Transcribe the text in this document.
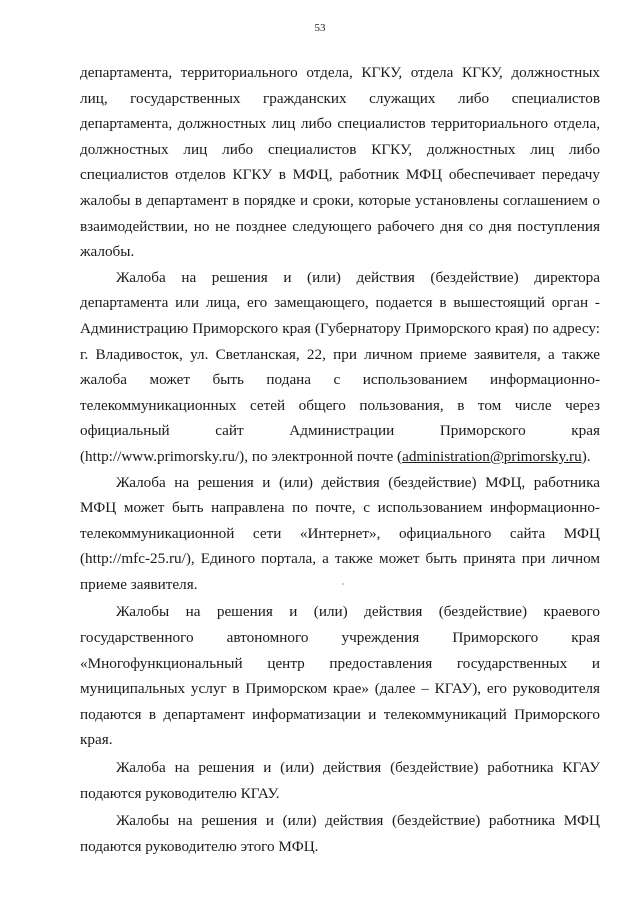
53

департамента, территориального отдела, КГКУ, отдела КГКУ, должностных лиц, государственных гражданских служащих либо специалистов департамента, должностных лиц либо специалистов территориального отдела, должностных лиц либо специалистов КГКУ, должностных лиц либо специалистов отделов КГКУ в МФЦ, работник МФЦ обеспечивает передачу жалобы в департамент в порядке и сроки, которые установлены соглашением о взаимодействии, но не позднее следующего рабочего дня со дня поступления жалобы.

Жалоба на решения и (или) действия (бездействие) директора департамента или лица, его замещающего, подается в вышестоящий орган - Администрацию Приморского края (Губернатору Приморского края) по адресу: г. Владивосток, ул. Светланская, 22, при личном приеме заявителя, а также жалоба может быть подана с использованием информационно-телекоммуникационных сетей общего пользования, в том числе через официальный сайт Администрации Приморского края (http://www.primorsky.ru/), по электронной почте (administration@primorsky.ru).

Жалоба на решения и (или) действия (бездействие) МФЦ, работника МФЦ может быть направлена по почте, с использованием информационно-телекоммуникационной сети «Интернет», официального сайта МФЦ (http://mfc-25.ru/), Единого портала, а также может быть принята при личном приеме заявителя.

Жалобы на решения и (или) действия (бездействие) краевого государственного автономного учреждения Приморского края «Многофункциональный центр предоставления государственных и муниципальных услуг в Приморском крае» (далее – КГАУ), его руководителя подаются в департамент информатизации и телекоммуникаций Приморского края.

Жалоба на решения и (или) действия (бездействие) работника КГАУ подаются руководителю КГАУ.

Жалобы на решения и (или) действия (бездействие) работника МФЦ подаются руководителю этого МФЦ.
